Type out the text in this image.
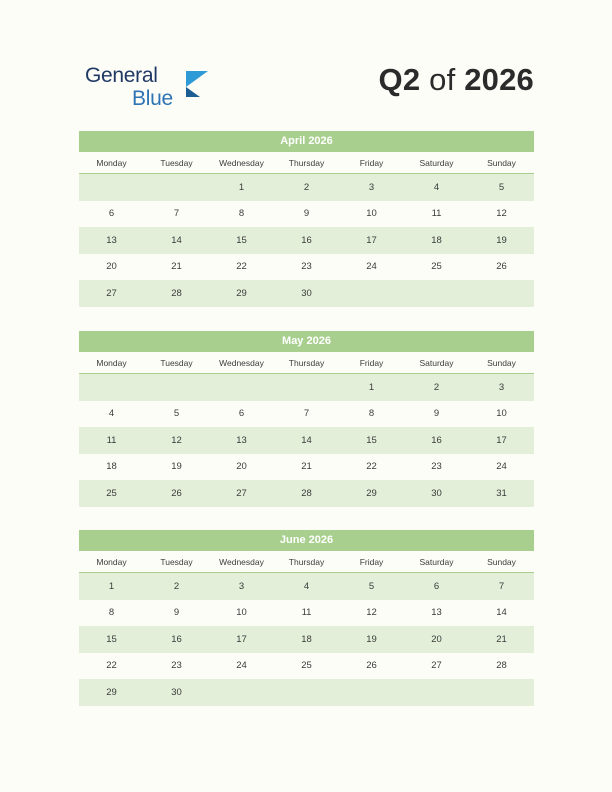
General
Blue
Q2 of 2026
April 2026
Monday	Tuesday	Wednesday	Thursday	Friday	Saturday	Sunday
		1	2	3	4	5
6	7	8	9	10	11	12
13	14	15	16	17	18	19
20	21	22	23	24	25	26
27	28	29	30			
May 2026
Monday	Tuesday	Wednesday	Thursday	Friday	Saturday	Sunday
				1	2	3
4	5	6	7	8	9	10
11	12	13	14	15	16	17
18	19	20	21	22	23	24
25	26	27	28	29	30	31
June 2026
Monday	Tuesday	Wednesday	Thursday	Friday	Saturday	Sunday
1	2	3	4	5	6	7
8	9	10	11	12	13	14
15	16	17	18	19	20	21
22	23	24	25	26	27	28
29	30					
